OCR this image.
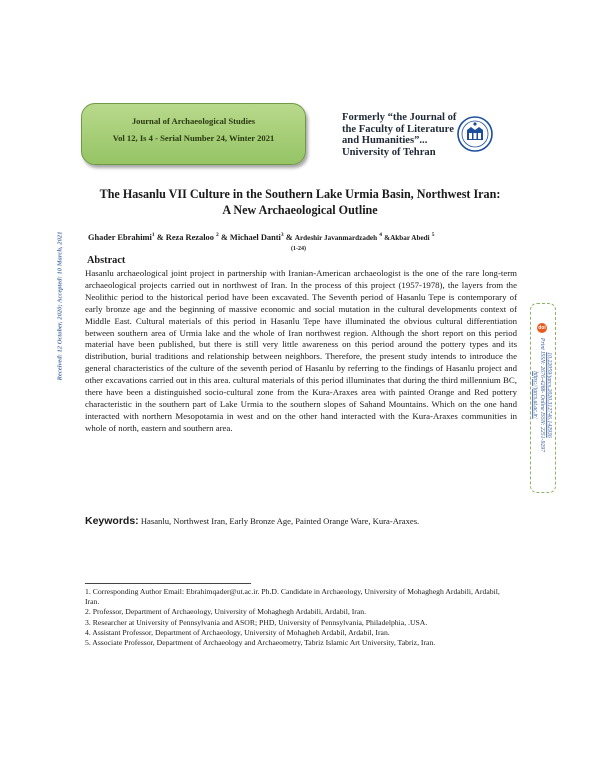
Journal of Archaeological Studies
Vol 12, Is 4 - Serial Number 24, Winter 2021
Formerly “the Journal of
the Faculty of Literature
and Humanities”...
University of Tehran
The Hasanlu VII Culture in the Southern Lake Urmia Basin, Northwest Iran:
A New Archaeological Outline
Ghader Ebrahimi$^1$ & Reza Rezaloo $^2$ & Michael Danti$^3$ & Ardeshir Javanmardzadeh $^4$ &Akbar Abedi $^5$
(1-24)
Abstract
Hasanlu archaeological joint project in partnership with Iranian-American archaeologist is the one of the rare long-term archaeological projects carried out in northwest of Iran. In the process of this project (1957-1978), the layers from the Neolithic period to the historical period have been excavated. The Seventh period of Hasanlu Tepe is contemporary of early bronze age and the beginning of massive economic and social mutation in the cultural developments context of Middle East. Cultural materials of this period in Hasanlu Tepe have illuminated the obvious cultural differentiation between southern area of Urmia lake and the whole of Iran northwest region. Although the short report on this period material have been published, but there is still very little awareness on this period around the pottery types and its distribution, burial traditions and relationship between neighbors. Therefore, the present study intends to introduce the general characteristics of the culture of the seventh period of Hasanlu by referring to the findings of Hasanlu project and other excavations carried out in this area. cultural materials of this period illuminates that during the third millennium BC, there have been a distinguished socio-cultural zone from the Kura-Araxes area with painted Orange and Red pottery characteristic in the southern part of Lake Urmia to the southern slopes of Sahand Mountains. Which on the one hand interacted with northern Mesopotamia in west and on the other hand interacted with the Kura-Araxes communities in whole of north, eastern and southern area.
Keywords: Hasanlu, Northwest Iran, Early Bronze Age, Painted Orange Ware, Kura-Araxes.

1. Corresponding Author Email: Ebrahimqader@ut.ac.ir. Ph.D. Candidate in Archaeology, University of Mohaghegh Ardabili, Ardabil, Iran.

2. Professor, Department of Archaeology, University of Mohaghegh Ardabili, Ardabil, Iran.

3. Researcher at University of Pennsylvania and ASOR; PHD, University of Pennsylvania, Philadelphia, .USA.

4. Assistant Professor, Department of Archaeology, University of Mohagheh Ardabil, Ardabil, Iran.

5. Associate Professor, Department of Archaeology and Archaeometry, Tabriz Islamic Art University, Tabriz, Iran.

Received: 12 October, 2020; Accepted: 10 March, 2021	doi
10.22059/jarcs.2020.312746.142936
Print ISSN: 2676-4288- Online ISSN: 2251-9297
https://jarcs.ut.ac.ir/
